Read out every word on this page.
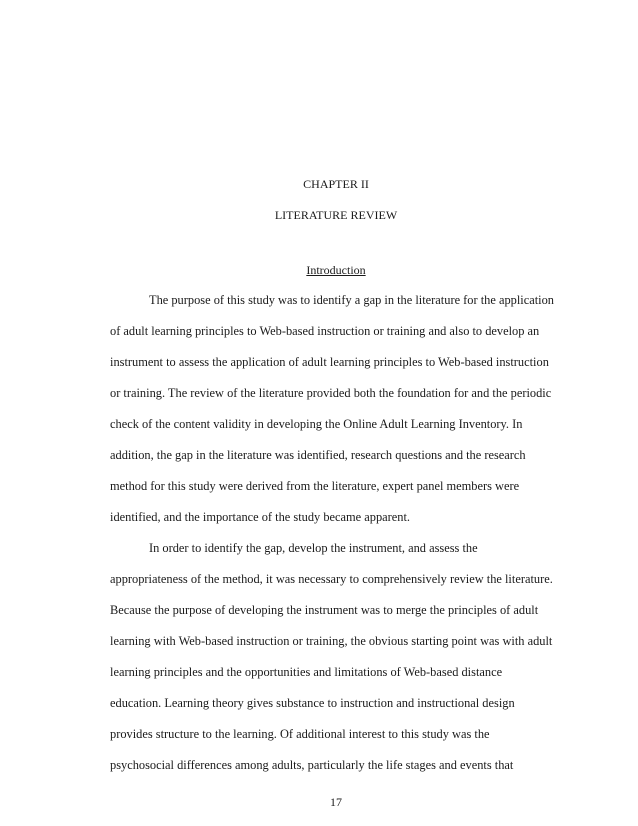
CHAPTER II
LITERATURE REVIEW
Introduction
The purpose of this study was to identify a gap in the literature for the application
of adult learning principles to Web-based instruction or training and also to develop an
instrument to assess the application of adult learning principles to Web-based instruction
or training. The review of the literature provided both the foundation for and the periodic
check of the content validity in developing the Online Adult Learning Inventory. In
addition, the gap in the literature was identified, research questions and the research
method for this study were derived from the literature, expert panel members were
identified, and the importance of the study became apparent.
In order to identify the gap, develop the instrument, and assess the
appropriateness of the method, it was necessary to comprehensively review the literature.
Because the purpose of developing the instrument was to merge the principles of adult
learning with Web-based instruction or training, the obvious starting point was with adult
learning principles and the opportunities and limitations of Web-based distance
education. Learning theory gives substance to instruction and instructional design
provides structure to the learning. Of additional interest to this study was the
psychosocial differences among adults, particularly the life stages and events that
17
